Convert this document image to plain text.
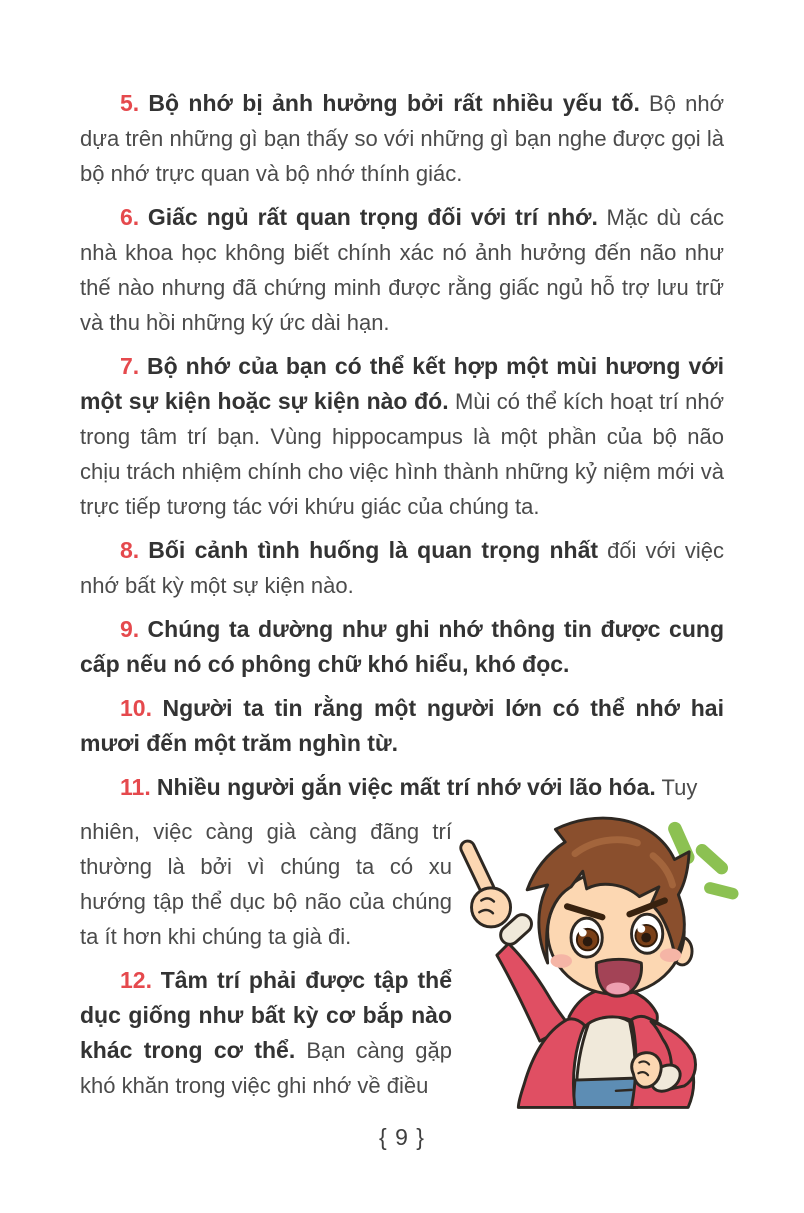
5. Bộ nhớ bị ảnh hưởng bởi rất nhiều yếu tố. Bộ nhớ dựa trên những gì bạn thấy so với những gì bạn nghe được gọi là bộ nhớ trực quan và bộ nhớ thính giác.

6. Giấc ngủ rất quan trọng đối với trí nhớ. Mặc dù các nhà khoa học không biết chính xác nó ảnh hưởng đến não như thế nào nhưng đã chứng minh được rằng giấc ngủ hỗ trợ lưu trữ và thu hồi những ký ức dài hạn.

7. Bộ nhớ của bạn có thể kết hợp một mùi hương với một sự kiện hoặc sự kiện nào đó. Mùi có thể kích hoạt trí nhớ trong tâm trí bạn. Vùng hippocampus là một phần của bộ não chịu trách nhiệm chính cho việc hình thành những kỷ niệm mới và trực tiếp tương tác với khứu giác của chúng ta.

8. Bối cảnh tình huống là quan trọng nhất đối với việc nhớ bất kỳ một sự kiện nào.

9. Chúng ta dường như ghi nhớ thông tin được cung cấp nếu nó có phông chữ khó hiểu, khó đọc.

10. Người ta tin rằng một người lớn có thể nhớ hai mươi đến một trăm nghìn từ.

11. Nhiều người gắn việc mất trí nhớ với lão hóa. Tuy

nhiên, việc càng già càng đãng trí thường là bởi vì chúng ta có xu hướng tập thể dục bộ não của chúng ta ít hơn khi chúng ta già đi.

12. Tâm trí phải được tập thể dục giống như bất kỳ cơ bắp nào khác trong cơ thể. Bạn càng gặp khó khăn trong việc ghi nhớ về điều

{ 9 }
